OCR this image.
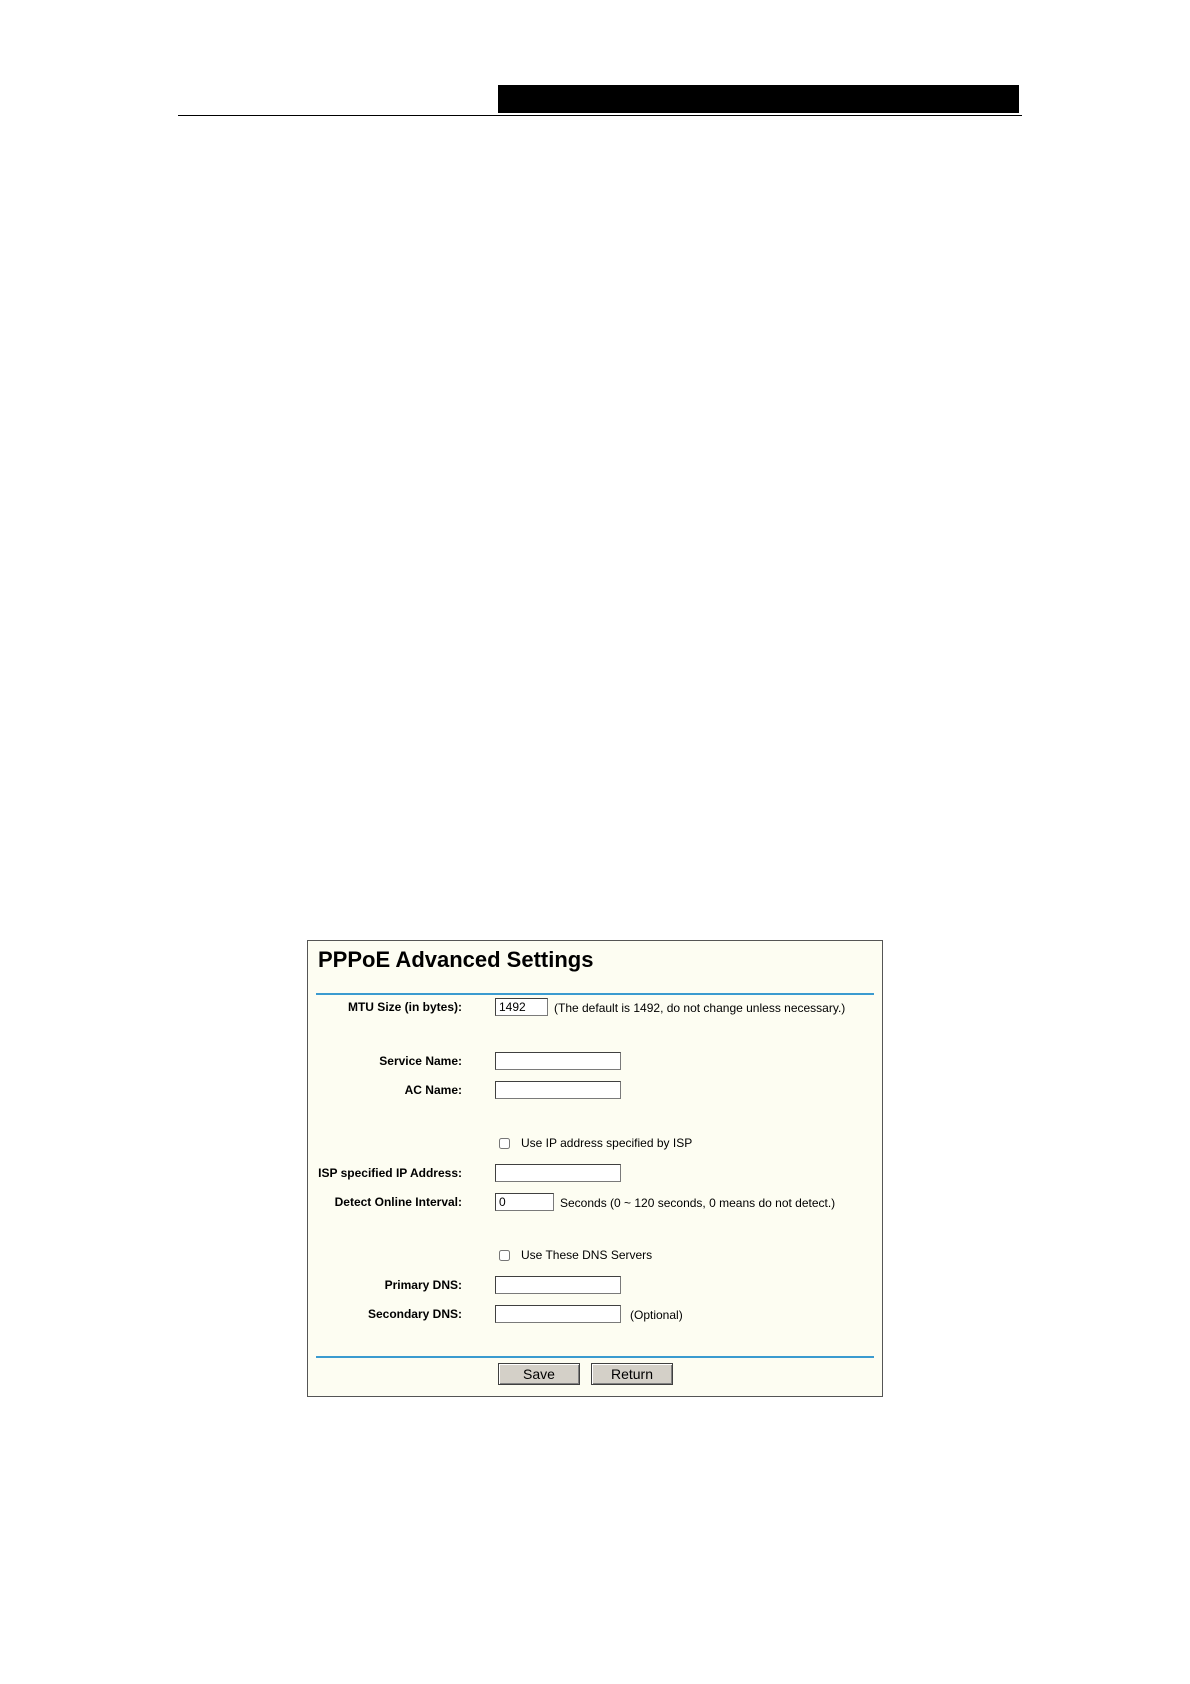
PPPoE Advanced Settings
MTU Size (in bytes):
1492	(The default is 1492, do not change unless necessary.)
Service Name:
AC Name:
Use IP address specified by ISP
ISP specified IP Address:
Detect Online Interval:
0	Seconds (0 ~ 120 seconds, 0 means do not detect.)
Use These DNS Servers
Primary DNS:
Secondary DNS:	(Optional)
Save	Return
